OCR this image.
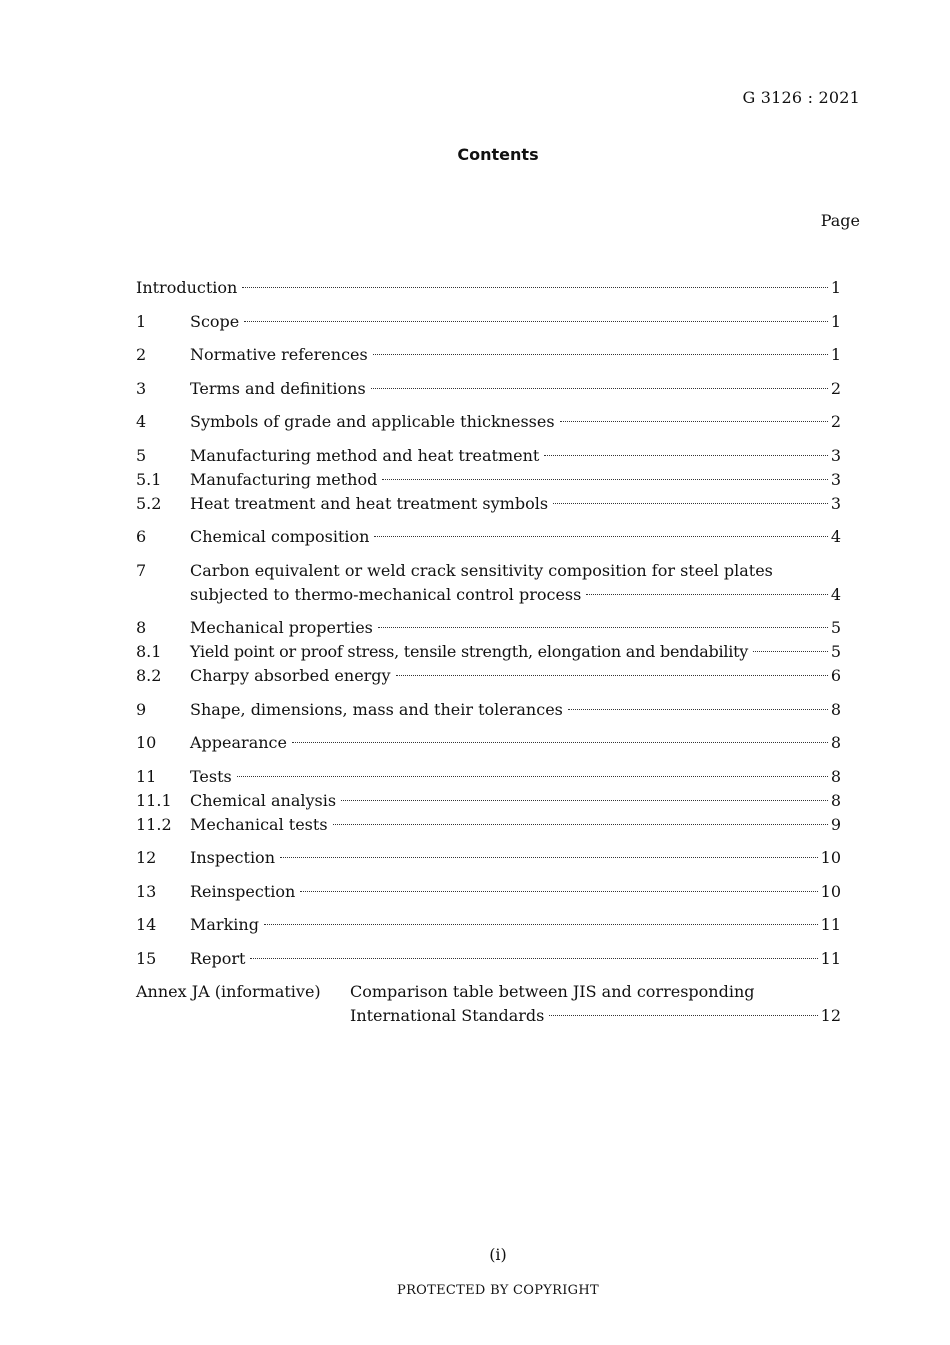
G 3126 : 2021
Contents
Page
Introduction	1
1	Scope	1
2	Normative references	1
3	Terms and definitions	2
4	Symbols of grade and applicable thicknesses	2
5	Manufacturing method and heat treatment	3
5.1 Manufacturing method	3
5.2 Heat treatment and heat treatment symbols	3
6	Chemical composition	4
7	Carbon equivalent or weld crack sensitivity composition for steel plates
subjected to thermo-mechanical control process	4
8	Mechanical properties	5
8.1 Yield point or proof stress, tensile strength, elongation and bendability	5
8.2 Charpy absorbed energy	6
9	Shape, dimensions, mass and their tolerances	8
10 Appearance	8
11 Tests	8
11.1 Chemical analysis	8
11.2 Mechanical tests	9
12 Inspection	10
13 Reinspection	10
14 Marking	11
15 Report	11
Annex JA (informative) Comparison table between JIS and corresponding
International Standards	12
(i)
PROTECTED BY COPYRIGHT
